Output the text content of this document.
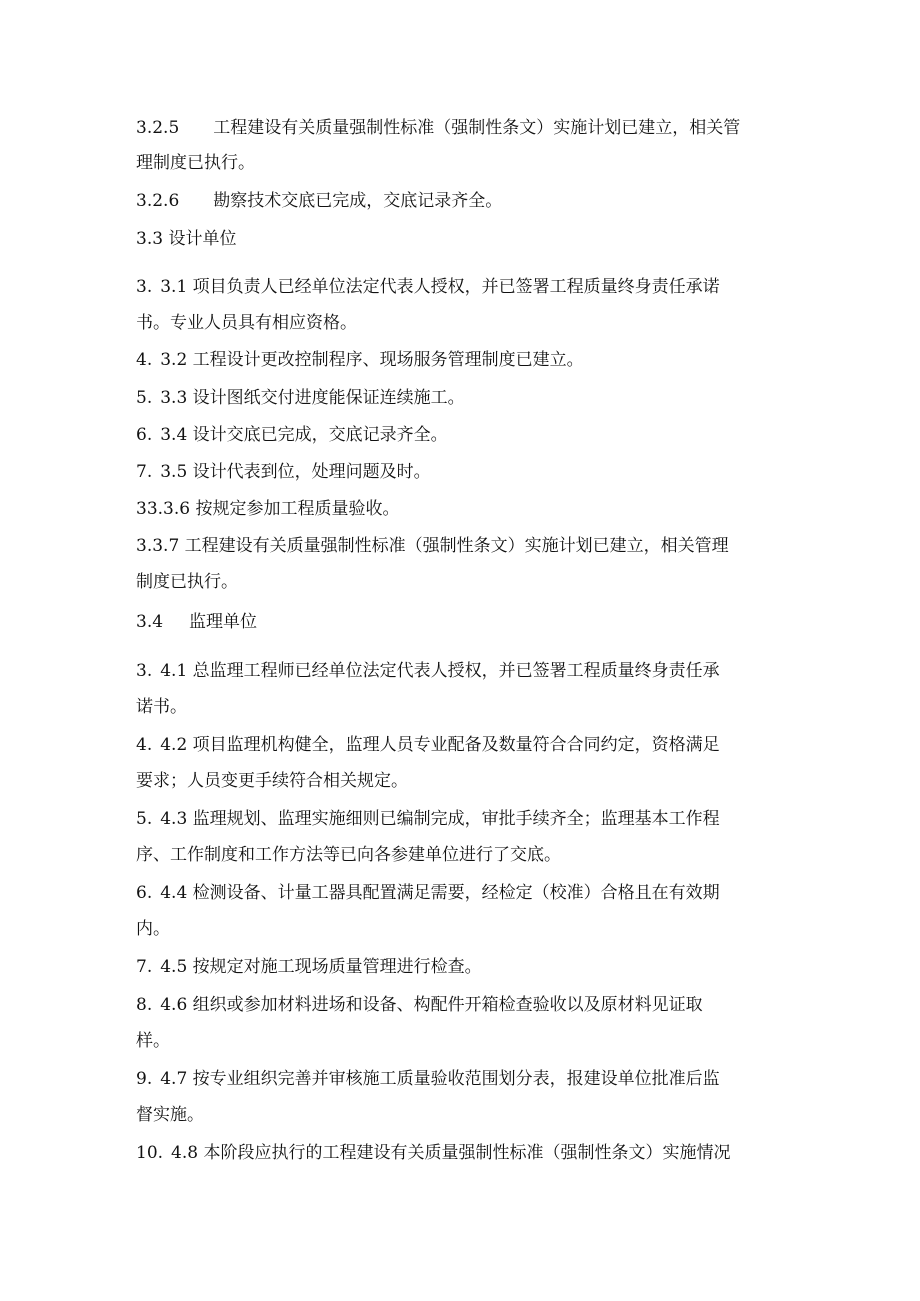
3.2.5 工程建设有关质量强制性标准（强制性条文）实施计划已建立，相关管
理制度已执行。
3.2.6 勘察技术交底已完成，交底记录齐全。
3.3 设计单位
3. 3.1 项目负责人已经单位法定代表人授权，并已签署工程质量终身责任承诺
书。专业人员具有相应资格。
4. 3.2 工程设计更改控制程序、现场服务管理制度已建立。
5. 3.3 设计图纸交付进度能保证连续施工。
6. 3.4 设计交底已完成，交底记录齐全。
7. 3.5 设计代表到位，处理问题及时。
33.3.6 按规定参加工程质量验收。
3.3.7 工程建设有关质量强制性标准（强制性条文）实施计划已建立，相关管理
制度已执行。
3.4 监理单位
3. 4.1 总监理工程师已经单位法定代表人授权，并已签署工程质量终身责任承
诺书。
4. 4.2 项目监理机构健全，监理人员专业配备及数量符合合同约定，资格满足
要求；人员变更手续符合相关规定。
5. 4.3 监理规划、监理实施细则已编制完成，审批手续齐全；监理基本工作程
序、工作制度和工作方法等已向各参建单位进行了交底。
6. 4.4 检测设备、计量工器具配置满足需要，经检定（校准）合格且在有效期
内。
7. 4.5 按规定对施工现场质量管理进行检查。
8. 4.6 组织或参加材料进场和设备、构配件开箱检查验收以及原材料见证取
样。
9. 4.7 按专业组织完善并审核施工质量验收范围划分表，报建设单位批准后监
督实施。
10. 4.8 本阶段应执行的工程建设有关质量强制性标准（强制性条文）实施情况
